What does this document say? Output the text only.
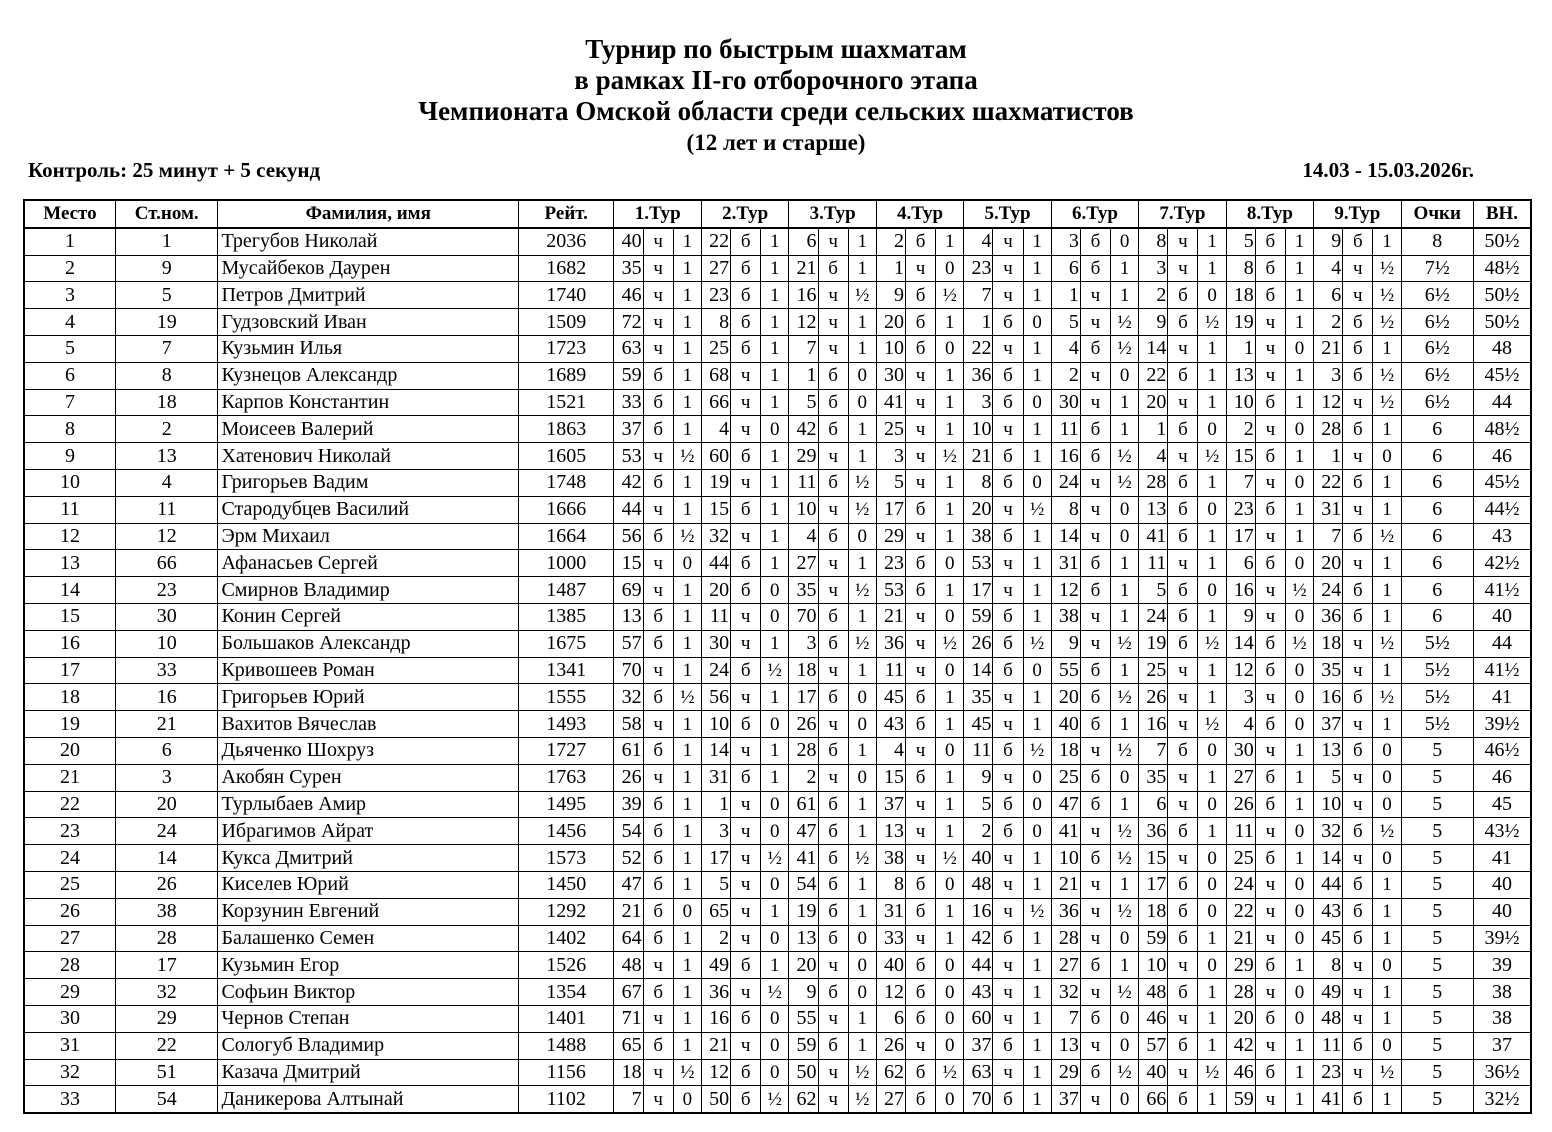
Турнир по быстрым шахматам
в рамках II-го отборочного этапа
Чемпионата Омской области среди сельских шахматистов
(12 лет и старше)
Контроль: 25 минут + 5 секунд	14.03 - 15.03.2026г.
Место	Ст.ном.	Фамилия, имя	Рейт.	1.Тур			2.Тур			3.Тур			4.Тур			5.Тур			6.Тур			7.Тур			8.Тур			9.Тур			Очки	ВН.
1	1	Трегубов Николай	2036	40	ч	1	22	б	1	6	ч	1	2	б	1	4	ч	1	3	б	0	8	ч	1	5	б	1	9	б	1	8	50½
2	9	Мусайбеков Даурен	1682	35	ч	1	27	б	1	21	б	1	1	ч	0	23	ч	1	6	б	1	3	ч	1	8	б	1	4	ч	½	7½	48½
3	5	Петров Дмитрий	1740	46	ч	1	23	б	1	16	ч	½	9	б	½	7	ч	1	1	ч	1	2	б	0	18	б	1	6	ч	½	6½	50½
4	19	Гудзовский Иван	1509	72	ч	1	8	б	1	12	ч	1	20	б	1	1	б	0	5	ч	½	9	б	½	19	ч	1	2	б	½	6½	50½
5	7	Кузьмин Илья	1723	63	ч	1	25	б	1	7	ч	1	10	б	0	22	ч	1	4	б	½	14	ч	1	1	ч	0	21	б	1	6½	48
6	8	Кузнецов Александр	1689	59	б	1	68	ч	1	1	б	0	30	ч	1	36	б	1	2	ч	0	22	б	1	13	ч	1	3	б	½	6½	45½
7	18	Карпов Константин	1521	33	б	1	66	ч	1	5	б	0	41	ч	1	3	б	0	30	ч	1	20	ч	1	10	б	1	12	ч	½	6½	44
8	2	Моисеев Валерий	1863	37	б	1	4	ч	0	42	б	1	25	ч	1	10	ч	1	11	б	1	1	б	0	2	ч	0	28	б	1	6	48½
9	13	Хатенович Николай	1605	53	ч	½	60	б	1	29	ч	1	3	ч	½	21	б	1	16	б	½	4	ч	½	15	б	1	1	ч	0	6	46
10	4	Григорьев Вадим	1748	42	б	1	19	ч	1	11	б	½	5	ч	1	8	б	0	24	ч	½	28	б	1	7	ч	0	22	б	1	6	45½
11	11	Стародубцев Василий	1666	44	ч	1	15	б	1	10	ч	½	17	б	1	20	ч	½	8	ч	0	13	б	0	23	б	1	31	ч	1	6	44½
12	12	Эрм Михаил	1664	56	б	½	32	ч	1	4	б	0	29	ч	1	38	б	1	14	ч	0	41	б	1	17	ч	1	7	б	½	6	43
13	66	Афанасьев Сергей	1000	15	ч	0	44	б	1	27	ч	1	23	б	0	53	ч	1	31	б	1	11	ч	1	6	б	0	20	ч	1	6	42½
14	23	Смирнов Владимир	1487	69	ч	1	20	б	0	35	ч	½	53	б	1	17	ч	1	12	б	1	5	б	0	16	ч	½	24	б	1	6	41½
15	30	Конин Сергей	1385	13	б	1	11	ч	0	70	б	1	21	ч	0	59	б	1	38	ч	1	24	б	1	9	ч	0	36	б	1	6	40
16	10	Большаков Александр	1675	57	б	1	30	ч	1	3	б	½	36	ч	½	26	б	½	9	ч	½	19	б	½	14	б	½	18	ч	½	5½	44
17	33	Кривошеев Роман	1341	70	ч	1	24	б	½	18	ч	1	11	ч	0	14	б	0	55	б	1	25	ч	1	12	б	0	35	ч	1	5½	41½
18	16	Григорьев Юрий	1555	32	б	½	56	ч	1	17	б	0	45	б	1	35	ч	1	20	б	½	26	ч	1	3	ч	0	16	б	½	5½	41
19	21	Вахитов Вячеслав	1493	58	ч	1	10	б	0	26	ч	0	43	б	1	45	ч	1	40	б	1	16	ч	½	4	б	0	37	ч	1	5½	39½
20	6	Дьяченко Шохруз	1727	61	б	1	14	ч	1	28	б	1	4	ч	0	11	б	½	18	ч	½	7	б	0	30	ч	1	13	б	0	5	46½
21	3	Акобян Сурен	1763	26	ч	1	31	б	1	2	ч	0	15	б	1	9	ч	0	25	б	0	35	ч	1	27	б	1	5	ч	0	5	46
22	20	Турлыбаев Амир	1495	39	б	1	1	ч	0	61	б	1	37	ч	1	5	б	0	47	б	1	6	ч	0	26	б	1	10	ч	0	5	45
23	24	Ибрагимов Айрат	1456	54	б	1	3	ч	0	47	б	1	13	ч	1	2	б	0	41	ч	½	36	б	1	11	ч	0	32	б	½	5	43½
24	14	Кукса Дмитрий	1573	52	б	1	17	ч	½	41	б	½	38	ч	½	40	ч	1	10	б	½	15	ч	0	25	б	1	14	ч	0	5	41
25	26	Киселев Юрий	1450	47	б	1	5	ч	0	54	б	1	8	б	0	48	ч	1	21	ч	1	17	б	0	24	ч	0	44	б	1	5	40
26	38	Корзунин Евгений	1292	21	б	0	65	ч	1	19	б	1	31	б	1	16	ч	½	36	ч	½	18	б	0	22	ч	0	43	б	1	5	40
27	28	Балашенко Семен	1402	64	б	1	2	ч	0	13	б	0	33	ч	1	42	б	1	28	ч	0	59	б	1	21	ч	0	45	б	1	5	39½
28	17	Кузьмин Егор	1526	48	ч	1	49	б	1	20	ч	0	40	б	0	44	ч	1	27	б	1	10	ч	0	29	б	1	8	ч	0	5	39
29	32	Софьин Виктор	1354	67	б	1	36	ч	½	9	б	0	12	б	0	43	ч	1	32	ч	½	48	б	1	28	ч	0	49	ч	1	5	38
30	29	Чернов Степан	1401	71	ч	1	16	б	0	55	ч	1	6	б	0	60	ч	1	7	б	0	46	ч	1	20	б	0	48	ч	1	5	38
31	22	Сологуб Владимир	1488	65	б	1	21	ч	0	59	б	1	26	ч	0	37	б	1	13	ч	0	57	б	1	42	ч	1	11	б	0	5	37
32	51	Казача Дмитрий	1156	18	ч	½	12	б	0	50	ч	½	62	б	½	63	ч	1	29	б	½	40	ч	½	46	б	1	23	ч	½	5	36½
33	54	Даникерова Алтынай	1102	7	ч	0	50	б	½	62	ч	½	27	б	0	70	б	1	37	ч	0	66	б	1	59	ч	1	41	б	1	5	32½
